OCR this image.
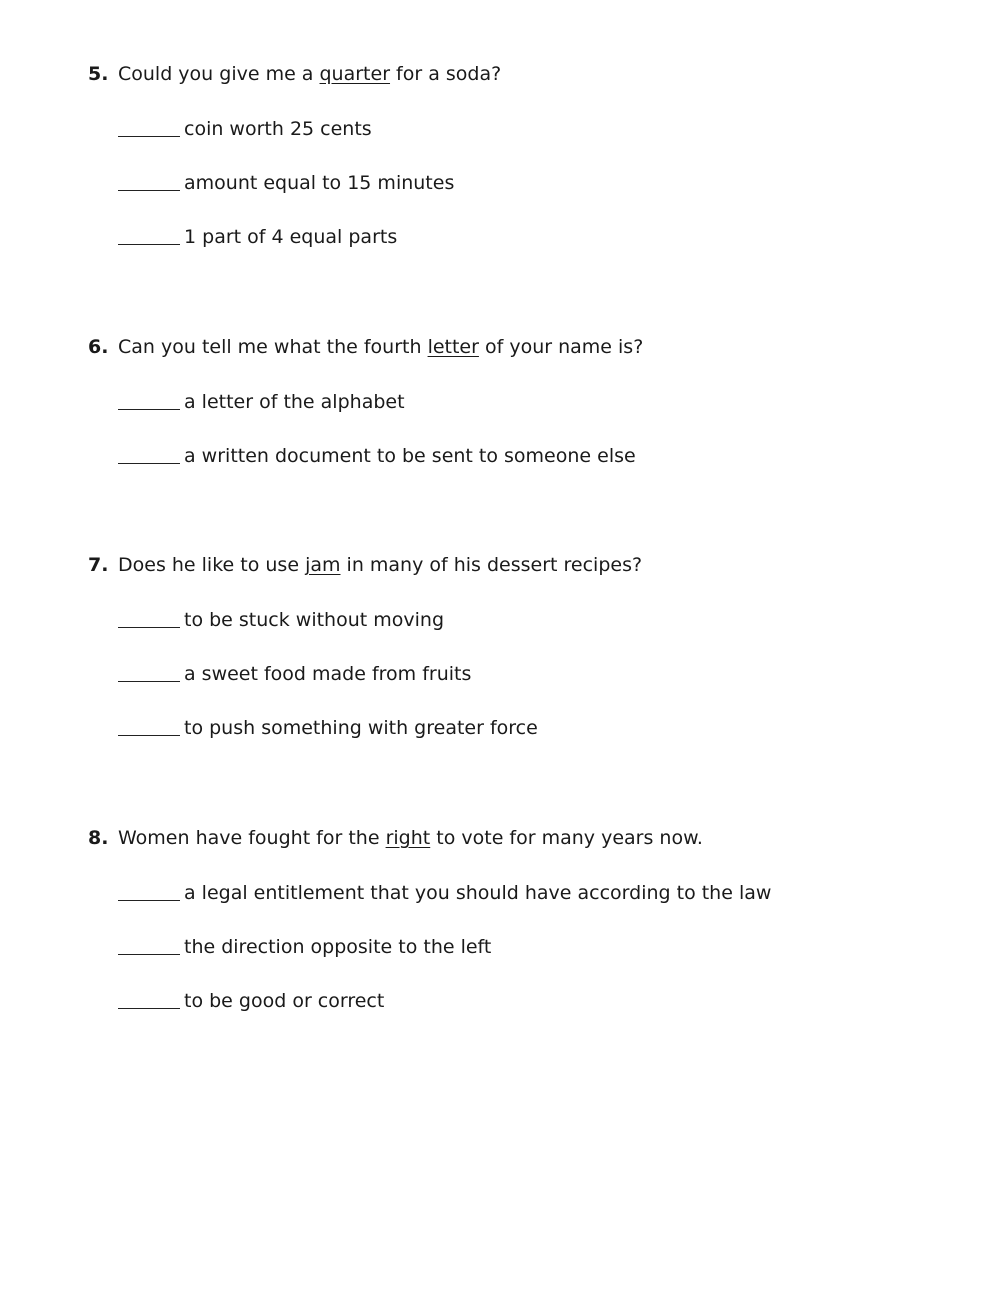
5. Could you give me a quarter for a soda?
coin worth 25 cents
amount equal to 15 minutes
1 part of 4 equal parts
6. Can you tell me what the fourth letter of your name is?
a letter of the alphabet
a written document to be sent to someone else
7. Does he like to use jam in many of his dessert recipes?
to be stuck without moving
a sweet food made from fruits
to push something with greater force
8. Women have fought for the right to vote for many years now.
a legal entitlement that you should have according to the law
the direction opposite to the left
to be good or correct
